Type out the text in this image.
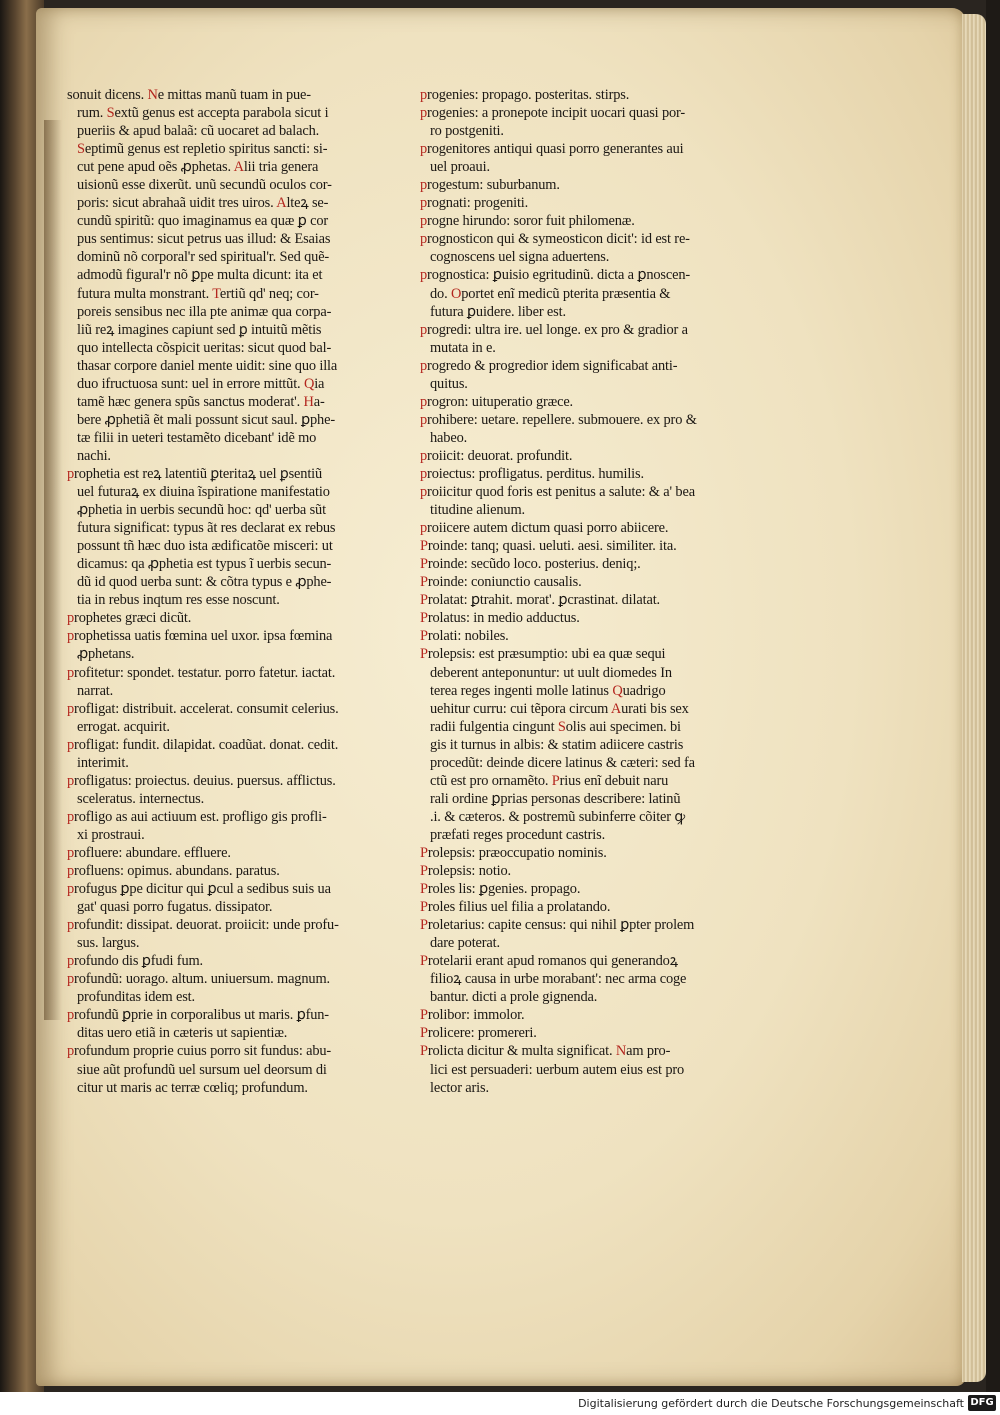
sonuit dicens. Ne mittas manũ tuam in pue-
rum. Sextũ genus est accepta parabola sicut i
pueriis & apud balaã: cũ uocaret ad balach.
Septimũ genus est repletio spiritus sancti: si-
cut pene apud oẽs ꝓphetas. Alii tria genera
uisionũ esse dixerũt. unũ secundũ oculos cor-
poris: sicut abrahaã uidit tres uiros. Alteꝝ se-
cundũ spiritũ: quo imaginamus ea quæ ꝑ cor
pus sentimus: sicut petrus uas illud: & Esaias
dominũ nõ corporal'r sed spiritual'r. Sed quẽ-
admodũ figural'r nõ ꝑpe multa dicunt: ita et
futura multa monstrant. Tertiũ qd' neq; cor-
poreis sensibus nec illa pte animæ qua corpa-
liũ reꝝ imagines capiunt sed ꝑ intuitũ mẽtis
quo intellecta cõspicit ueritas: sicut quod bal-
thasar corpore daniel mente uidit: sine quo illa
duo ifructuosa sunt: uel in errore mittũt. Qia
tamẽ hæc genera spũs sanctus moderat'. Ha-
bere ꝓphetiã ẽt mali possunt sicut saul. ꝑphe-
tæ filii in ueteri testamẽto dicebant' idẽ mo
nachi.
prophetia est reꝝ latentiũ ꝑteritaꝝ uel ꝑsentiũ
uel futuraꝝ ex diuina ĩspiratione manifestatio
ꝓphetia in uerbis secundũ hoc: qd' uerba sũt
futura significat: typus ãt res declarat ex rebus
possunt tñ hæc duo ista ædificatõe misceri: ut
dicamus: qa ꝓphetia est typus ĩ uerbis secun-
dũ id quod uerba sunt: & cõtra typus e ꝓphe-
tia in rebus inqtum res esse noscunt.
prophetes græci dicũt.
prophetissa uatis fœmina uel uxor. ipsa fœmina
ꝓphetans.
profitetur: spondet. testatur. porro fatetur. iactat.
narrat.
profligat: distribuit. accelerat. consumit celerius.
errogat. acquirit.
profligat: fundit. dilapidat. coadũat. donat. cedit.
interimit.
profligatus: proiectus. deuius. puersus. afflictus.
sceleratus. internectus.
profligo as aui actiuum est. profligo gis profli-
xi prostraui.
profluere: abundare. effluere.
profluens: opimus. abundans. paratus.
profugus ꝑpe dicitur qui ꝑcul a sedibus suis ua
gat' quasi porro fugatus. dissipator.
profundit: dissipat. deuorat. proiicit: unde profu-
sus. largus.
profundo dis ꝑfudi fum.
profundũ: uorago. altum. uniuersum. magnum.
profunditas idem est.
profundũ ꝑprie in corporalibus ut maris. ꝑfun-
ditas uero etiã in cæteris ut sapientiæ.
profundum proprie cuius porro sit fundus: abu-
siue aũt profundũ uel sursum uel deorsum di
citur ut maris ac terræ cœliq; profundum.
progenies: propago. posteritas. stirps.
progenies: a pronepote incipit uocari quasi por-
ro postgeniti.
progenitores antiqui quasi porro generantes aui
uel proaui.
progestum: suburbanum.
prognati: progeniti.
progne hirundo: soror fuit philomenæ.
prognosticon qui & symeosticon dicit': id est re-
cognoscens uel signa aduertens.
prognostica: ꝑuisio egritudinũ. dicta a ꝑnoscen-
do. Oportet enĩ medicũ pterita præsentia &
futura ꝑuidere. liber est.
progredi: ultra ire. uel longe. ex pro & gradior a
mutata in e.
progredo & progredior idem significabat anti-
quitus.
progron: uituperatio græce.
prohibere: uetare. repellere. submouere. ex pro &
habeo.
proiicit: deuorat. profundit.
proiectus: profligatus. perditus. humilis.
proiicitur quod foris est penitus a salute: & a' bea
titudine alienum.
proiicere autem dictum quasi porro abiicere.
Proinde: tanq; quasi. ueluti. aesi. similiter. ita.
Proinde: secũdo loco. posterius. deniq;.
Proinde: coniunctio causalis.
Prolatat: ꝑtrahit. morat'. ꝑcrastinat. dilatat.
Prolatus: in medio adductus.
Prolati: nobiles.
Prolepsis: est præsumptio: ubi ea quæ sequi
deberent anteponuntur: ut uult diomedes In
terea reges ingenti molle latinus Quadrigo
uehitur curru: cui tẽpora circum Aurati bis sex
radii fulgentia cingunt Solis aui specimen. bi
gis it turnus in albis: & statim adiicere castris
procedũt: deinde dicere latinus & cæteri: sed fa
ctũ est pro ornamẽto. Prius enĩ debuit naru
rali ordine ꝑprias personas describere: latinũ
.i. & cæteros. & postremũ subinferre cõiter ꝙ
præfati reges procedunt castris.
Prolepsis: præoccupatio nominis.
Prolepsis: notio.
Proles lis: ꝑgenies. propago.
Proles filius uel filia a prolatando.
Proletarius: capite census: qui nihil ꝑpter prolem
dare poterat.
Protelarii erant apud romanos qui generandoꝝ
filioꝝ causa in urbe morabant': nec arma coge
bantur. dicti a prole gignenda.
Prolibor: immolor.
Prolicere: promereri.
Prolicta dicitur & multa significat. Nam pro-
lici est persuaderi: uerbum autem eius est pro
lector aris.
Digitalisierung gefördert durch die Deutsche Forschungsgemeinschaft DFG
